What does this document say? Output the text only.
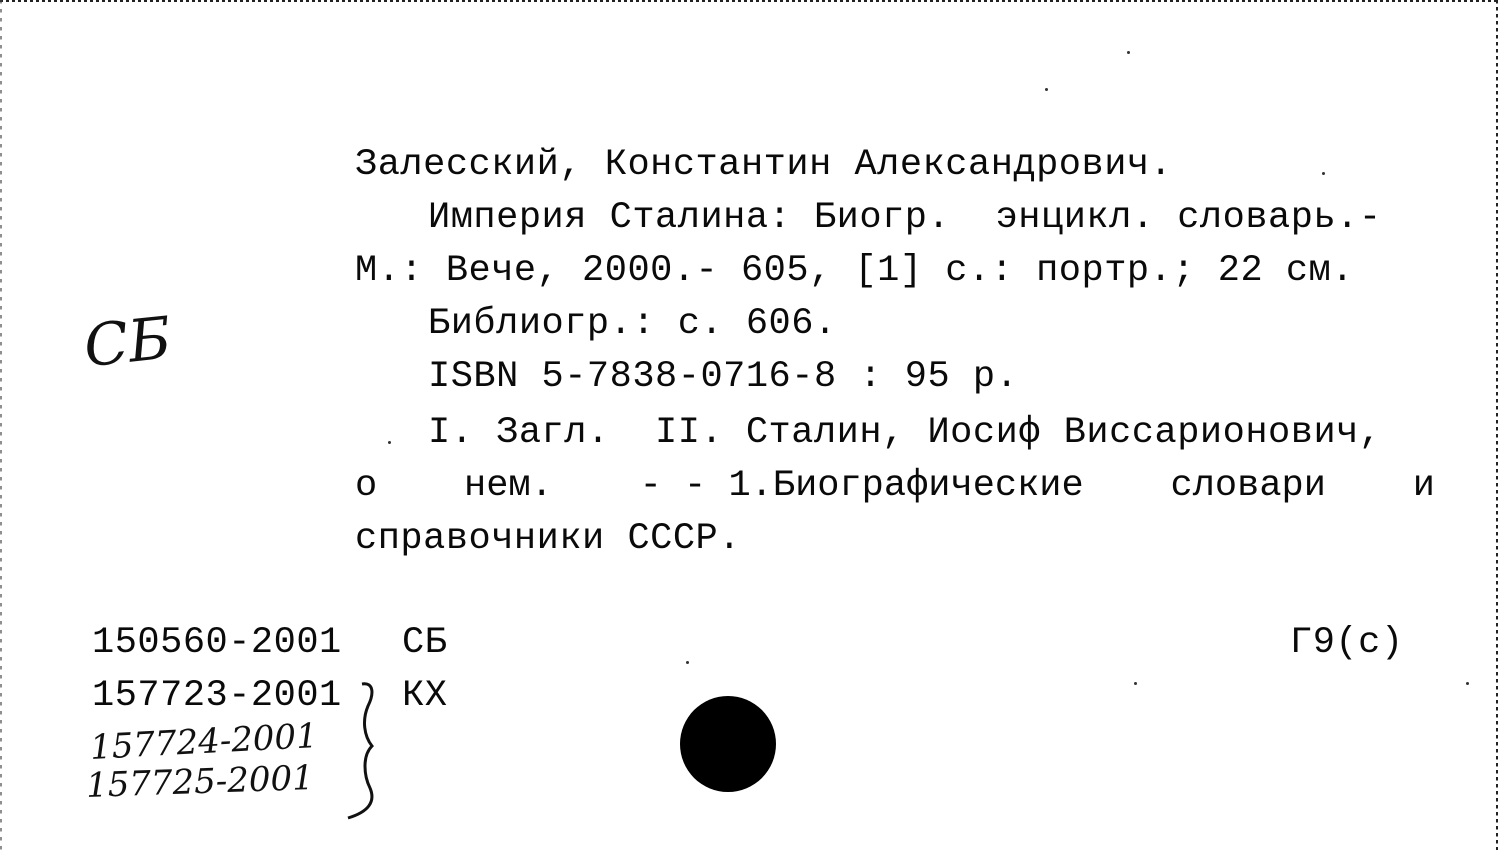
Залесский, Константин Александрович.
Империя Сталина: Биогр.  энцикл. словарь.-
М.: Вече, 2000.- 605, [1] с.: портр.; 22 см.
Библиогр.: с. 606.
ISBN 5-7838-0716-8 : 95 р.
I. Загл.  II. Сталин, Иосиф Виссарионович,
о нем. - - 1.Биографические словари и
справочники СССР.
СБ
150560-2001 СБ
157723-2001 КХ
157724-2001
157725-2001
Г9(с)
